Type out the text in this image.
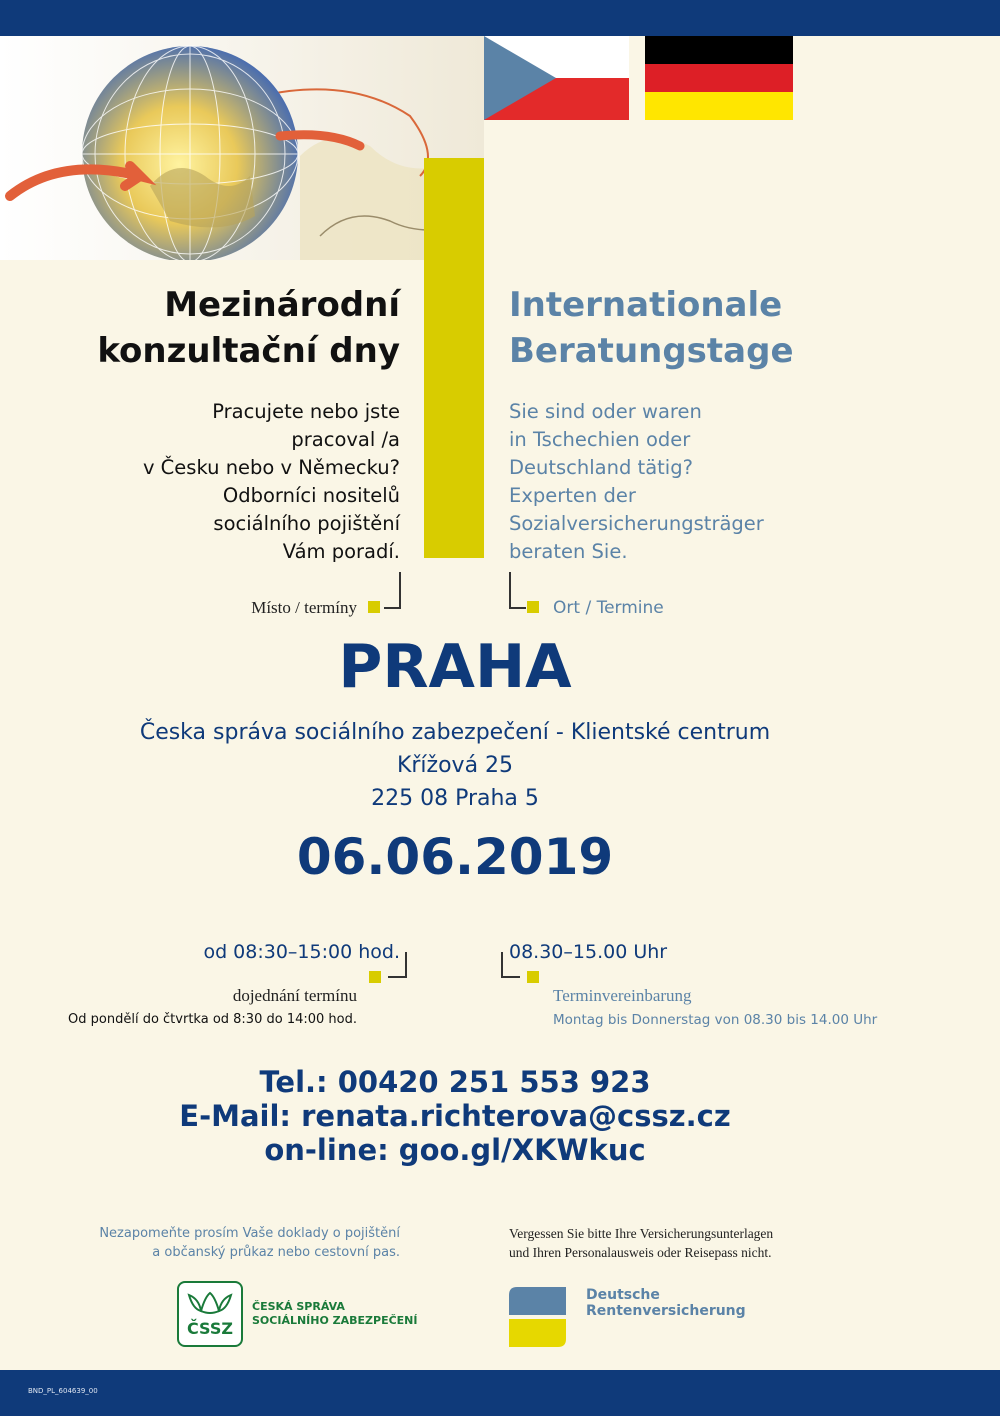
Mezinárodní
konzultační dny
Internationale
Beratungstage
Pracujete nebo jste
pracoval /a
v Česku nebo v Německu?
Odborníci nositelů
sociálního pojištění
Vám poradí.
Sie sind oder waren
in Tschechien oder
Deutschland tätig?
Experten der
Sozialversicherungsträger
beraten Sie.
Místo / termíny	Ort / Termine
PRAHA
Česka správa sociálního zabezpečení - Klientské centrum
Křížová 25
225 08 Praha 5
06.06.2019
od 08:30–15:00 hod.	08.30–15.00 Uhr
dojednání termínu
Od pondělí do čtvrtka od 8:30 do 14:00 hod.
Terminvereinbarung
Montag bis Donnerstag von 08.30 bis 14.00 Uhr
Tel.: 00420 251 553 923
E-Mail: renata.richterova@cssz.cz
on-line: goo.gl/XKWkuc
Nezapomeňte prosím Vaše doklady o pojištění
a občanský průkaz nebo cestovní pas.
Vergessen Sie bitte Ihre Versicherungsunterlagen
und Ihren Personalausweis oder Reisepass nicht.
ČSSZ
ČESKÁ SPRÁVA
SOCIÁLNÍHO ZABEZPEČENÍ
Deutsche
Rentenversicherung
BND_PL_604639_00
